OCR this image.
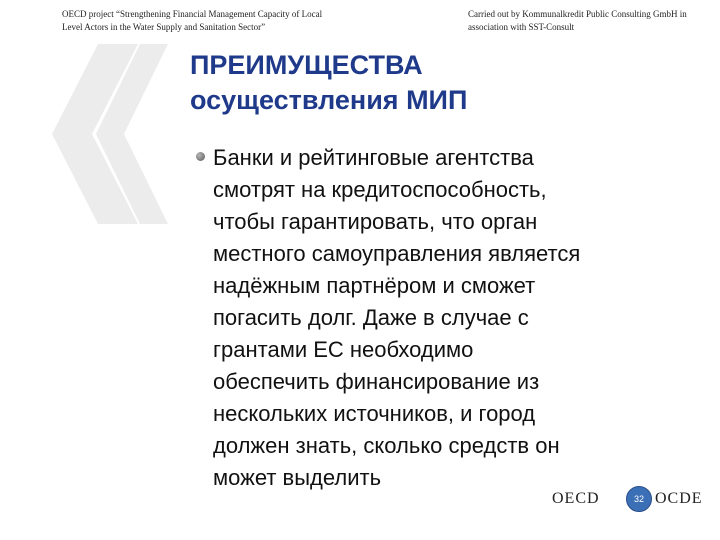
OECD project “Strengthening Financial Management Capacity of Local
Level Actors in the Water Supply and Sanitation Sector”
Carried out by Kommunalkredit Public Consulting GmbH in
association with SST-Consult
ПРЕИМУЩЕСТВА
осуществления МИП
Банки и рейтинговые агентства
смотрят на кредитоспособность,
чтобы гарантировать, что орган
местного самоуправления является
надёжным партнёром и сможет
погасить долг. Даже в случае с
грантами ЕС необходимо
обеспечить финансирование из
нескольких источников, и город
должен знать, сколько средств он
может выделить
OECD	32 OCDE
